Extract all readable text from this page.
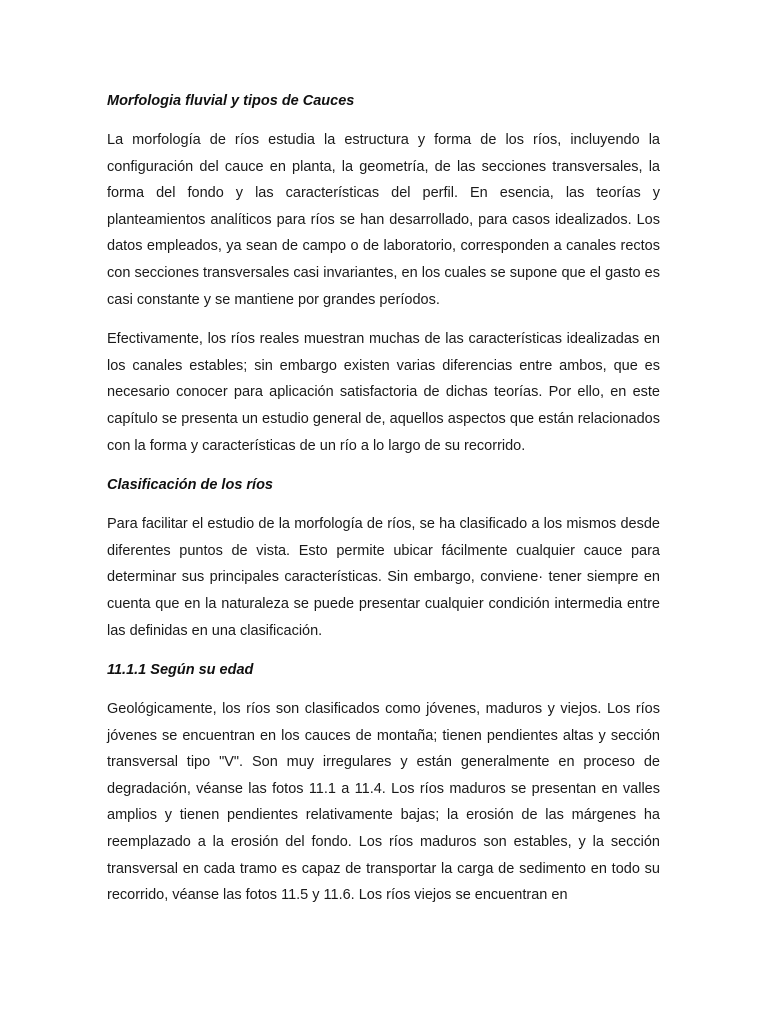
Morfologia fluvial y tipos de Cauces

La morfología de ríos estudia la estructura y forma de los ríos, incluyendo la configuración del cauce en planta, la geometría, de las secciones transversales, la forma del fondo y las características del perfil. En esencia, las teorías y planteamientos analíticos para ríos se han desarrollado, para casos idealizados. Los datos empleados, ya sean de campo o de laboratorio, corresponden a canales rectos con secciones transversales casi invariantes, en los cuales se supone que el gasto es casi constante y se mantiene por grandes períodos.

Efectivamente, los ríos reales muestran muchas de las características idealizadas en los canales estables; sin embargo existen varias diferencias entre ambos, que es necesario conocer para aplicación satisfactoria de dichas teorías. Por ello, en este capítulo se presenta un estudio general de, aquellos aspectos que están relacionados con la forma y características de un río a lo largo de su recorrido.

Clasificación de los ríos

Para facilitar el estudio de la morfología de ríos, se ha clasificado a los mismos desde diferentes puntos de vista. Esto permite ubicar fácilmente cualquier cauce para determinar sus principales características. Sin embargo, conviene· tener siempre en cuenta que en la naturaleza se puede presentar cualquier condición intermedia entre las definidas en una clasificación.

11.1.1 Según su edad

Geológicamente, los ríos son clasificados como jóvenes, maduros y viejos. Los ríos jóvenes se encuentran en los cauces de montaña; tienen pendientes altas y sección transversal tipo "V". Son muy irregulares y están generalmente en proceso de degradación, véanse las fotos 11.1 a 11.4. Los ríos maduros se presentan en valles amplios y tienen pendientes relativamente bajas; la erosión de las márgenes ha reemplazado a la erosión del fondo. Los ríos maduros son estables, y la sección transversal en cada tramo es capaz de transportar la carga de sedimento en todo su recorrido, véanse las fotos 11.5 y 11.6. Los ríos viejos se encuentran en
